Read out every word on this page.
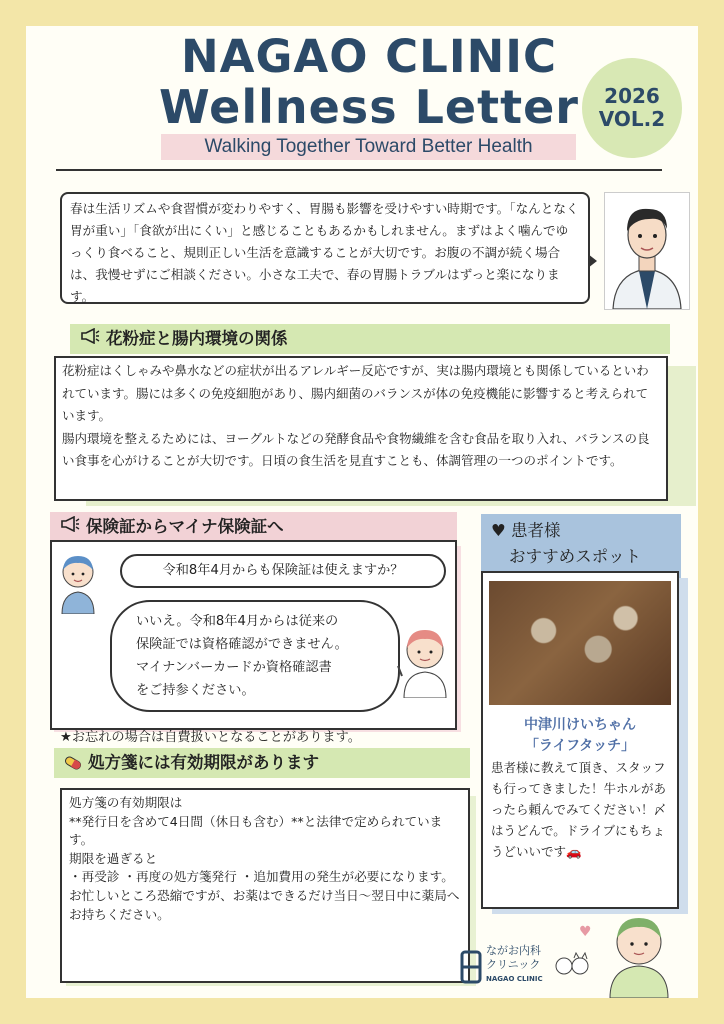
NAGAO CLINIC
Wellness Letter
Walking Together Toward Better Health
2026
VOL.2
春は生活リズムや食習慣が変わりやすく、胃腸も影響を受けやすい時期です。「なんとなく胃が重い」「食欲が出にくい」と感じることもあるかもしれません。まずはよく噛んでゆっくり食べること、規則正しい生活を意識することが大切です。お腹の不調が続く場合は、我慢せずにご相談ください。小さな工夫で、春の胃腸トラブルはずっと楽になります。
花粉症と腸内環境の関係
花粉症はくしゃみや鼻水などの症状が出るアレルギー反応ですが、実は腸内環境とも関係しているといわれています。腸には多くの免疫細胞があり、腸内細菌のバランスが体の免疫機能に影響すると考えられています。
腸内環境を整えるためには、ヨーグルトなどの発酵食品や食物繊維を含む食品を取り入れ、バランスの良い食事を心がけることが大切です。日頃の食生活を見直すことも、体調管理の一つのポイントです。
保険証からマイナ保険証へ
令和8年4月からも保険証は使えますか？
いいえ。令和8年4月からは従来の
保険証では資格確認ができません。
マイナンバーカードか資格確認書
をご持参ください。
★お忘れの場合は自費扱いとなることがあります。
処方箋には有効期限があります
処方箋の有効期限は
**発行日を含めて4日間（休日も含む）**と法律で定められています。
期限を過ぎると
・再受診 ・再度の処方箋発行 ・追加費用の発生が必要になります。お忙しいところ恐縮ですが、お薬はできるだけ当日〜翌日中に薬局へお持ちください。
♥ 患者様
おすすめスポット
中津川けいちゃん
「ライフタッチ」
患者様に教えて頂き、スタッフも行ってきました！牛ホルがあったら頼んでみてください！〆はうどんで。ドライブにもちょうどいいです🚗
ながお内科
クリニック
NAGAO CLINIC
♥
